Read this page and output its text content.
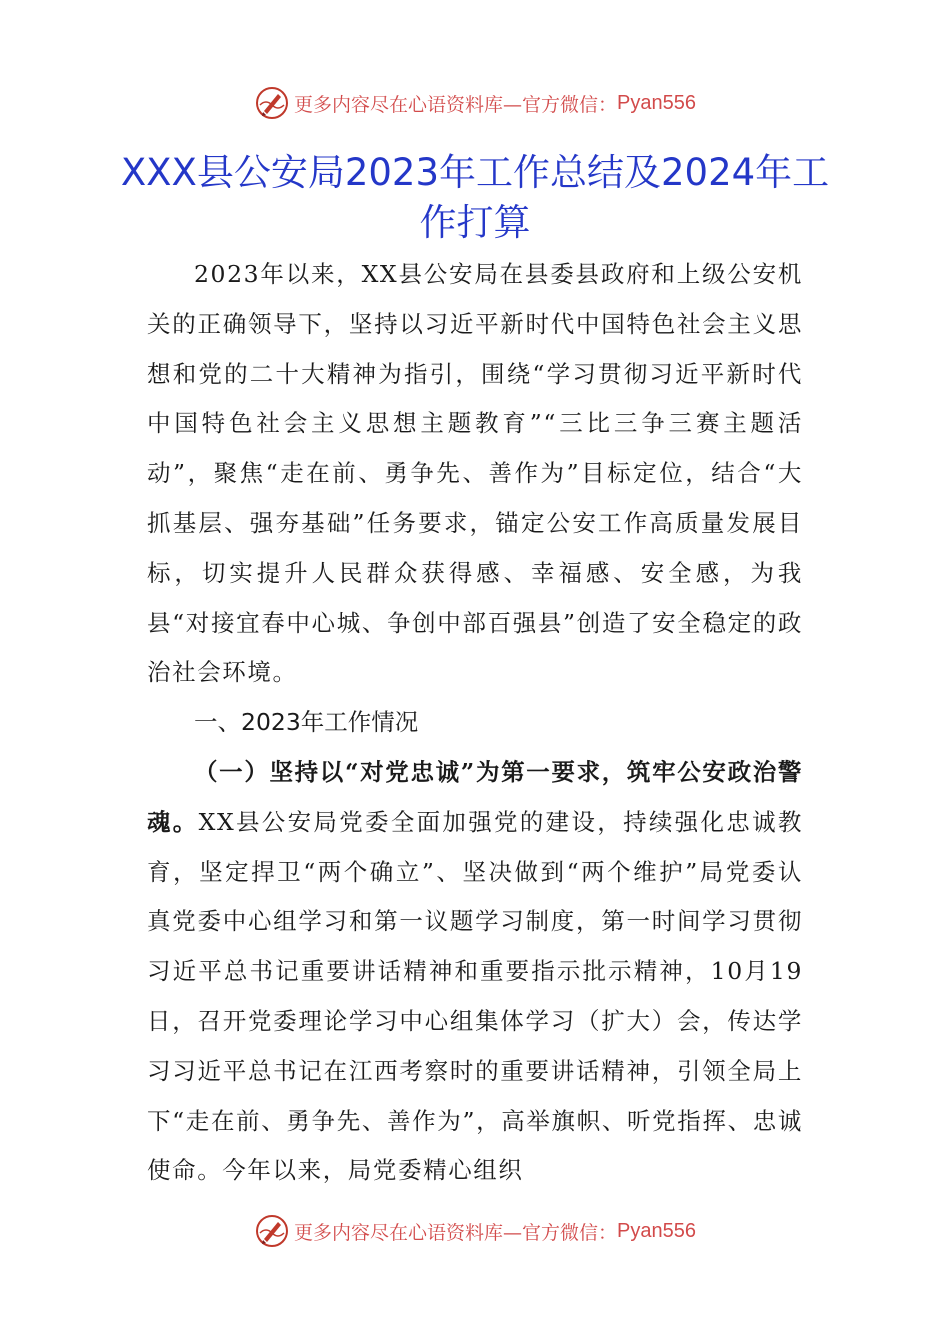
更多内容尽在心语资料库—官方微信： Pyan556
XXX县公安局2023年工作总结及2024年工作打算

2023年以来，XX县公安局在县委县政府和上级公安机关的正确领导下，坚持以习近平新时代中国特色社会主义思想和党的二十大精神为指引，围绕“学习贯彻习近平新时代中国特色社会主义思想主题教育”“三比三争三赛主题活动”，聚焦“走在前、勇争先、善作为”目标定位，结合“大抓基层、强夯基础”任务要求，锚定公安工作高质量发展目标，切实提升人民群众获得感、幸福感、安全感，为我县“对接宜春中心城、争创中部百强县”创造了安全稳定的政治社会环境。

一、2023年工作情况

（一）坚持以“对党忠诚”为第一要求，筑牢公安政治警魂。XX县公安局党委全面加强党的建设，持续强化忠诚教育，坚定捍卫“两个确立”、坚决做到“两个维护”局党委认真党委中心组学习和第一议题学习制度，第一时间学习贯彻习近平总书记重要讲话精神和重要指示批示精神，10月19日，召开党委理论学习中心组集体学习（扩大）会，传达学习习近平总书记在江西考察时的重要讲话精神，引领全局上下“走在前、勇争先、善作为”，高举旗帜、听党指挥、忠诚使命。今年以来，局党委精心组织

更多内容尽在心语资料库—官方微信： Pyan556
